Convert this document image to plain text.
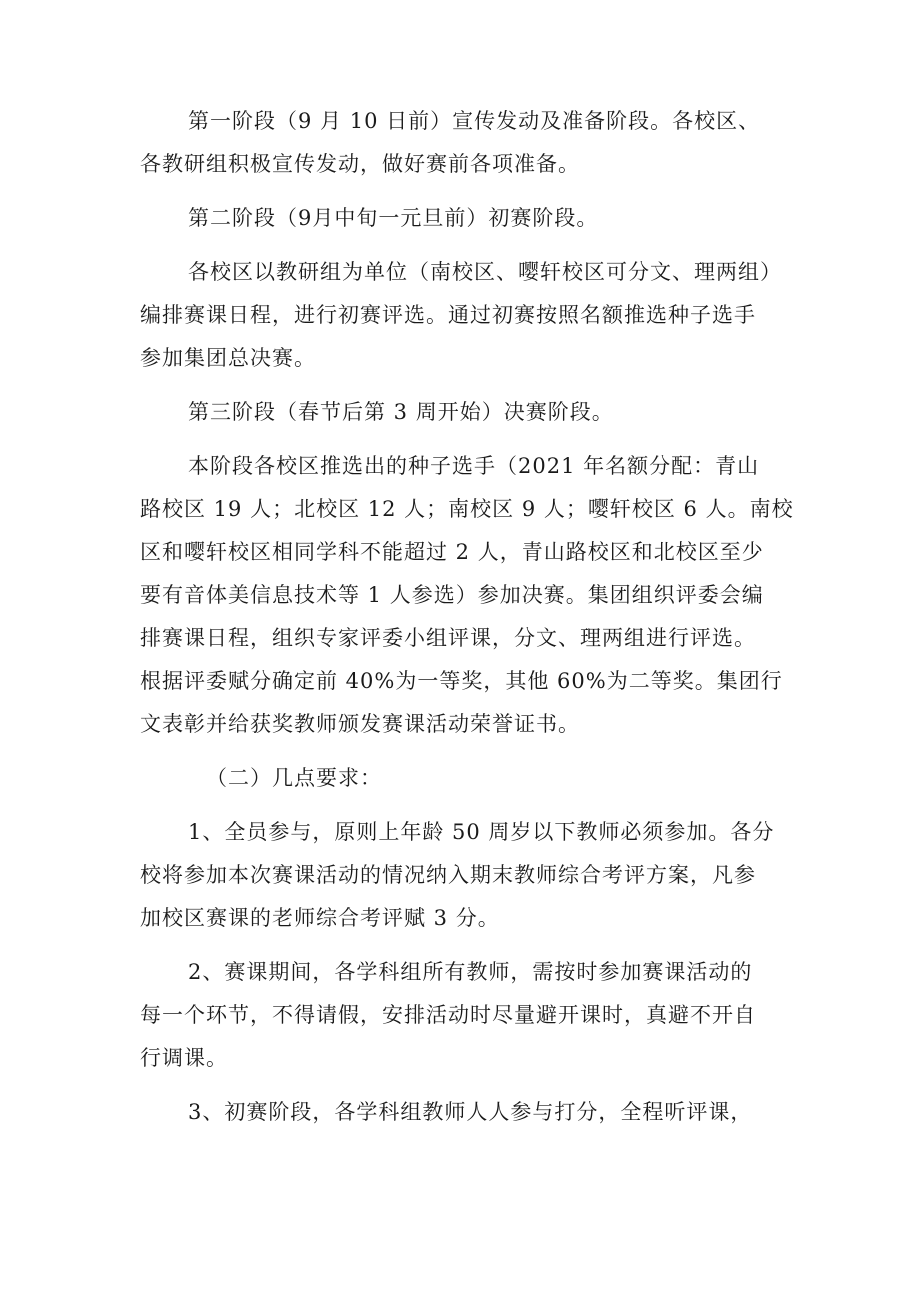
第一阶段（9 月 10 日前）宣传发动及准备阶段。各校区、
各教研组积极宣传发动，做好赛前各项准备。
第二阶段（9月中旬一元旦前）初赛阶段。
各校区以教研组为单位（南校区、嘤轩校区可分文、理两组）
编排赛课日程，进行初赛评选。通过初赛按照名额推选种子选手
参加集团总决赛。
第三阶段（春节后第 3 周开始）决赛阶段。
本阶段各校区推选出的种子选手（2021 年名额分配：青山
路校区 19 人；北校区 12 人；南校区 9 人；嘤轩校区 6 人。南校
区和嘤轩校区相同学科不能超过 2 人，青山路校区和北校区至少
要有音体美信息技术等 1 人参选）参加决赛。集团组织评委会编
排赛课日程，组织专家评委小组评课，分文、理两组进行评选。
根据评委赋分确定前 40%为一等奖，其他 60%为二等奖。集团行
文表彰并给获奖教师颁发赛课活动荣誉证书。
（二）几点要求：
1、全员参与，原则上年龄 50 周岁以下教师必须参加。各分
校将参加本次赛课活动的情况纳入期末教师综合考评方案，凡参
加校区赛课的老师综合考评赋 3 分。
2、赛课期间，各学科组所有教师，需按时参加赛课活动的
每一个环节，不得请假，安排活动时尽量避开课时，真避不开自
行调课。
3、初赛阶段，各学科组教师人人参与打分，全程听评课，
